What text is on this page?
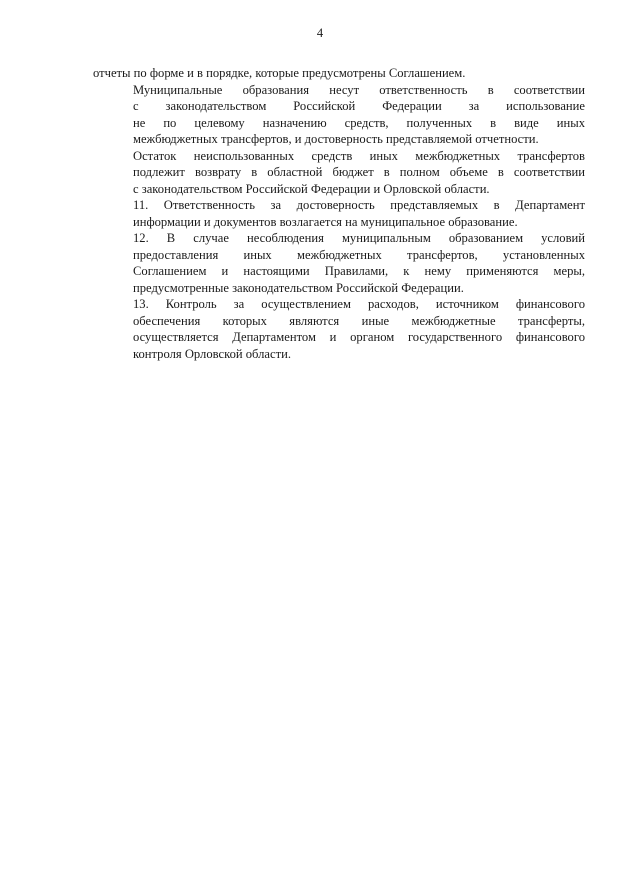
4

отчеты по форме и в порядке, которые предусмотрены Соглашением.

Муниципальные образования несут ответственность в соответствии
с законодательством Российской Федерации за использование
не по целевому назначению средств, полученных в виде иных
межбюджетных трансфертов, и достоверность представляемой отчетности.

Остаток неиспользованных средств иных межбюджетных трансфертов
подлежит возврату в областной бюджет в полном объеме в соответствии
с законодательством Российской Федерации и Орловской области.

11. Ответственность за достоверность представляемых в Департамент
информации и документов возлагается на муниципальное образование.

12. В случае несоблюдения муниципальным образованием условий
предоставления иных межбюджетных трансфертов, установленных
Соглашением и настоящими Правилами, к нему применяются меры,
предусмотренные законодательством Российской Федерации.

13. Контроль за осуществлением расходов, источником финансового
обеспечения которых являются иные межбюджетные трансферты,
осуществляется Департаментом и органом государственного финансового
контроля Орловской области.
